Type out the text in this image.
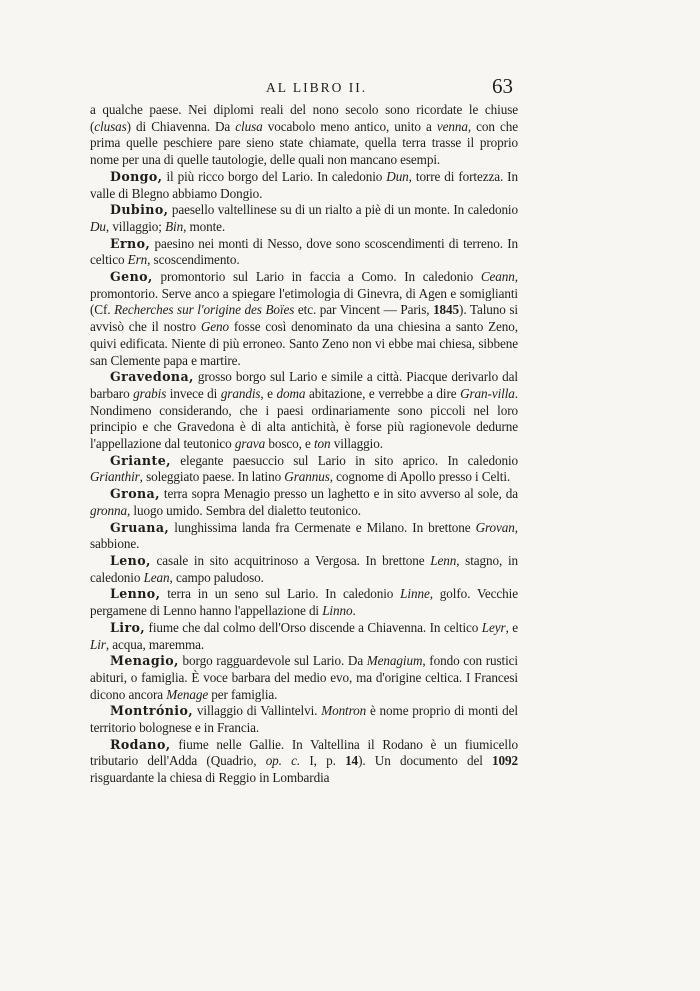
AL LIBRO II.	63

a qualche paese. Nei diplomi reali del nono secolo sono ricordate le chiuse (clusas) di Chiavenna. Da clusa vocabolo meno antico, unito a venna, con che prima quelle peschiere pare sieno state chiamate, quella terra trasse il proprio nome per una di quelle tautologie, delle quali non mancano esempi.

Dongo, il più ricco borgo del Lario. In caledonio Dun, torre di fortezza. In valle di Blegno abbiamo Dongio.

Dubino, paesello valtellinese su di un rialto a piè di un monte. In caledonio Du, villaggio; Bin, monte.

Erno, paesino nei monti di Nesso, dove sono scoscendimenti di terreno. In celtico Ern, scoscendimento.

Geno, promontorio sul Lario in faccia a Como. In caledonio Ceann, promontorio. Serve anco a spiegare l'etimologia di Ginevra, di Agen e somiglianti (Cf. Recherches sur l'origine des Boïes etc. par Vincent — Paris, 1845). Taluno si avvisò che il nostro Geno fosse così denominato da una chiesina a santo Zeno, quivi edificata. Niente di più erroneo. Santo Zeno non vi ebbe mai chiesa, sibbene san Clemente papa e martire.

Gravedona, grosso borgo sul Lario e simile a città. Piacque derivarlo dal barbaro grabis invece di grandis, e doma abitazione, e verrebbe a dire Gran-villa. Nondimeno considerando, che i paesi ordinariamente sono piccoli nel loro principio e che Gravedona è di alta antichità, è forse più ragionevole dedurne l'appellazione dal teutonico grava bosco, e ton villaggio.

Griante, elegante paesuccio sul Lario in sito aprico. In caledonio Grianthir, soleggiato paese. In latino Grannus, cognome di Apollo presso i Celti.

Grona, terra sopra Menagio presso un laghetto e in sito avverso al sole, da gronna, luogo umido. Sembra del dialetto teutonico.

Gruana, lunghissima landa fra Cermenate e Milano. In brettone Grovan, sabbione.

Leno, casale in sito acquitrinoso a Vergosa. In brettone Lenn, stagno, in caledonio Lean, campo paludoso.

Lenno, terra in un seno sul Lario. In caledonio Linne, golfo. Vecchie pergamene di Lenno hanno l'appellazione di Linno.

Liro, fiume che dal colmo dell'Orso discende a Chiavenna. In celtico Leyr, e Lir, acqua, maremma.

Menagio, borgo ragguardevole sul Lario. Da Menagium, fondo con rustici abituri, o famiglia. È voce barbara del medio evo, ma d'origine celtica. I Francesi dicono ancora Menage per famiglia.

Montrónio, villaggio di Vallintelvi. Montron è nome proprio di monti del territorio bolognese e in Francia.

Rodano, fiume nelle Gallie. In Valtellina il Rodano è un fiumicello tributario dell'Adda (Quadrio, op. c. I, p. 14). Un documento del 1092 risguardante la chiesa di Reggio in Lombardia
